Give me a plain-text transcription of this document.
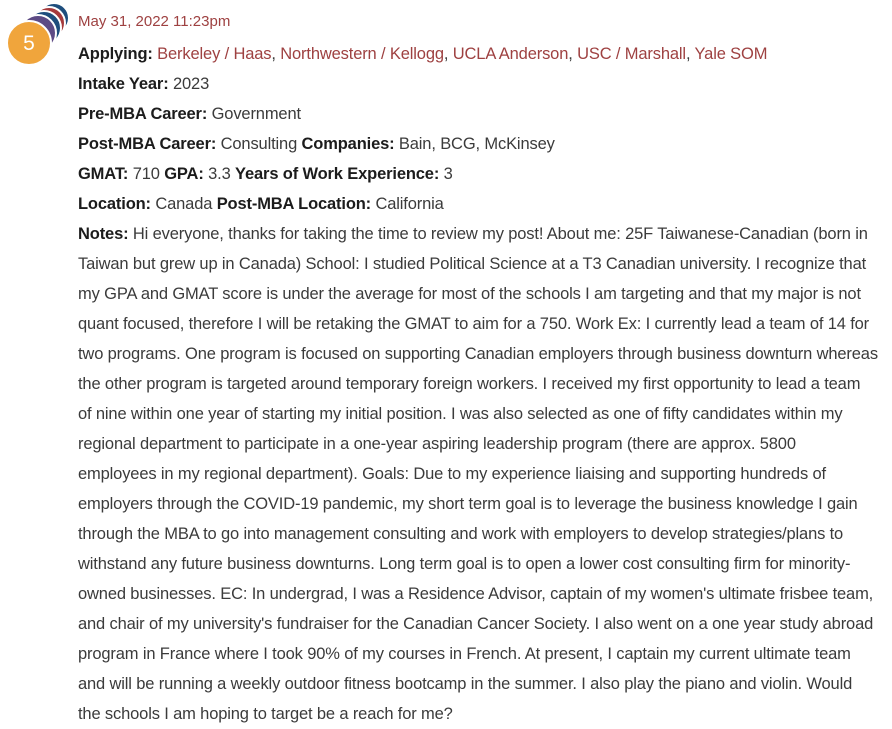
5
May 31, 2022 11:23pm
Applying: Berkeley / Haas, Northwestern / Kellogg, UCLA Anderson, USC / Marshall, Yale SOM
Intake Year: 2023
Pre-MBA Career: Government
Post-MBA Career: Consulting Companies: Bain, BCG, McKinsey
GMAT: 710 GPA: 3.3 Years of Work Experience: 3
Location: Canada Post-MBA Location: California
Notes: Hi everyone, thanks for taking the time to review my post! About me: 25F Taiwanese-Canadian (born in Taiwan but grew up in Canada) School: I studied Political Science at a T3 Canadian university. I recognize that my GPA and GMAT score is under the average for most of the schools I am targeting and that my major is not quant focused, therefore I will be retaking the GMAT to aim for a 750. Work Ex: I currently lead a team of 14 for two programs. One program is focused on supporting Canadian employers through business downturn whereas the other program is targeted around temporary foreign workers. I received my first opportunity to lead a team of nine within one year of starting my initial position. I was also selected as one of fifty candidates within my regional department to participate in a one-year aspiring leadership program (there are approx. 5800 employees in my regional department). Goals: Due to my experience liaising and supporting hundreds of employers through the COVID-19 pandemic, my short term goal is to leverage the business knowledge I gain through the MBA to go into management consulting and work with employers to develop strategies/plans to withstand any future business downturns. Long term goal is to open a lower cost consulting firm for minority-owned businesses. EC: In undergrad, I was a Residence Advisor, captain of my women's ultimate frisbee team, and chair of my university's fundraiser for the Canadian Cancer Society. I also went on a one year study abroad program in France where I took 90% of my courses in French. At present, I captain my current ultimate team and will be running a weekly outdoor fitness bootcamp in the summer. I also play the piano and violin. Would the schools I am hoping to target be a reach for me?
